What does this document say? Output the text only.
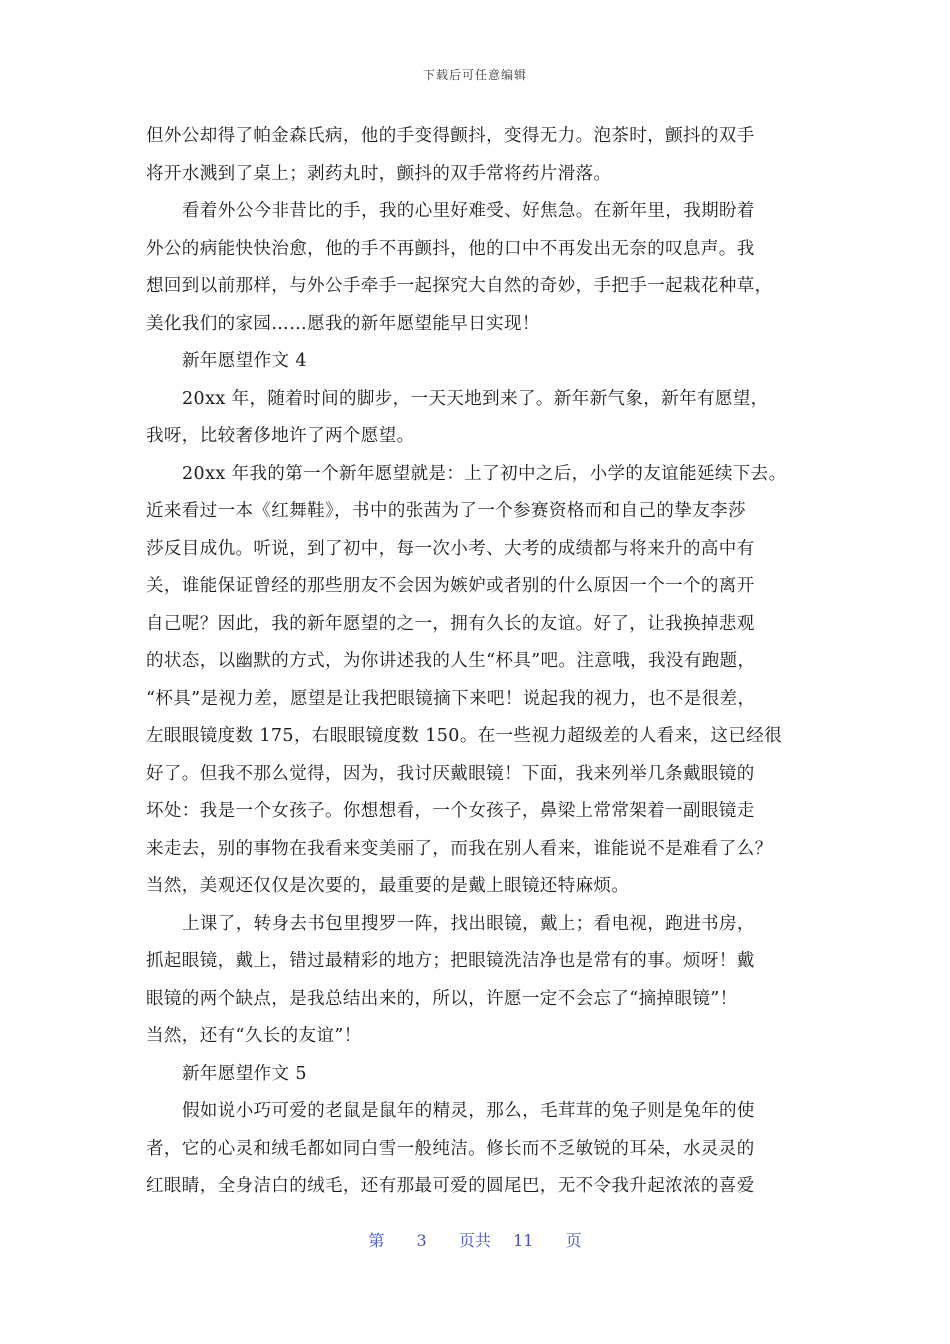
下载后可任意编辑
但外公却得了帕金森氏病，他的手变得颤抖，变得无力。泡茶时，颤抖的双手
将开水溅到了桌上；剥药丸时，颤抖的双手常将药片滑落。
看着外公今非昔比的手，我的心里好难受、好焦急。在新年里，我期盼着
外公的病能快快治愈，他的手不再颤抖，他的口中不再发出无奈的叹息声。我
想回到以前那样，与外公手牵手一起探究大自然的奇妙，手把手一起栽花种草，
美化我们的家园……愿我的新年愿望能早日实现！
新年愿望作文 4
20xx 年，随着时间的脚步，一天天地到来了。新年新气象，新年有愿望，
我呀，比较奢侈地许了两个愿望。
20xx 年我的第一个新年愿望就是：上了初中之后，小学的友谊能延续下去。
近来看过一本《红舞鞋》，书中的张茜为了一个参赛资格而和自己的挚友李莎
莎反目成仇。听说，到了初中，每一次小考、大考的成绩都与将来升的高中有
关，谁能保证曾经的那些朋友不会因为嫉妒或者别的什么原因一个一个的离开
自己呢？因此，我的新年愿望的之一，拥有久长的友谊。好了，让我换掉悲观
的状态，以幽默的方式，为你讲述我的人生“杯具”吧。注意哦，我没有跑题，
“杯具”是视力差，愿望是让我把眼镜摘下来吧！说起我的视力，也不是很差，
左眼眼镜度数 175，右眼眼镜度数 150。在一些视力超级差的人看来，这已经很
好了。但我不那么觉得，因为，我讨厌戴眼镜！下面，我来列举几条戴眼镜的
坏处：我是一个女孩子。你想想看，一个女孩子，鼻梁上常常架着一副眼镜走
来走去，别的事物在我看来变美丽了，而我在别人看来，谁能说不是难看了么？
当然，美观还仅仅是次要的，最重要的是戴上眼镜还特麻烦。
上课了，转身去书包里搜罗一阵，找出眼镜，戴上；看电视，跑进书房，
抓起眼镜，戴上，错过最精彩的地方；把眼镜洗洁净也是常有的事。烦呀！戴
眼镜的两个缺点，是我总结出来的，所以，许愿一定不会忘了“摘掉眼镜”！
当然，还有“久长的友谊”！
新年愿望作文 5
假如说小巧可爱的老鼠是鼠年的精灵，那么，毛茸茸的兔子则是兔年的使
者，它的心灵和绒毛都如同白雪一般纯洁。修长而不乏敏锐的耳朵，水灵灵的
红眼睛，全身洁白的绒毛，还有那最可爱的圆尾巴，无不令我升起浓浓的喜爱
第 3 页共 11 页
